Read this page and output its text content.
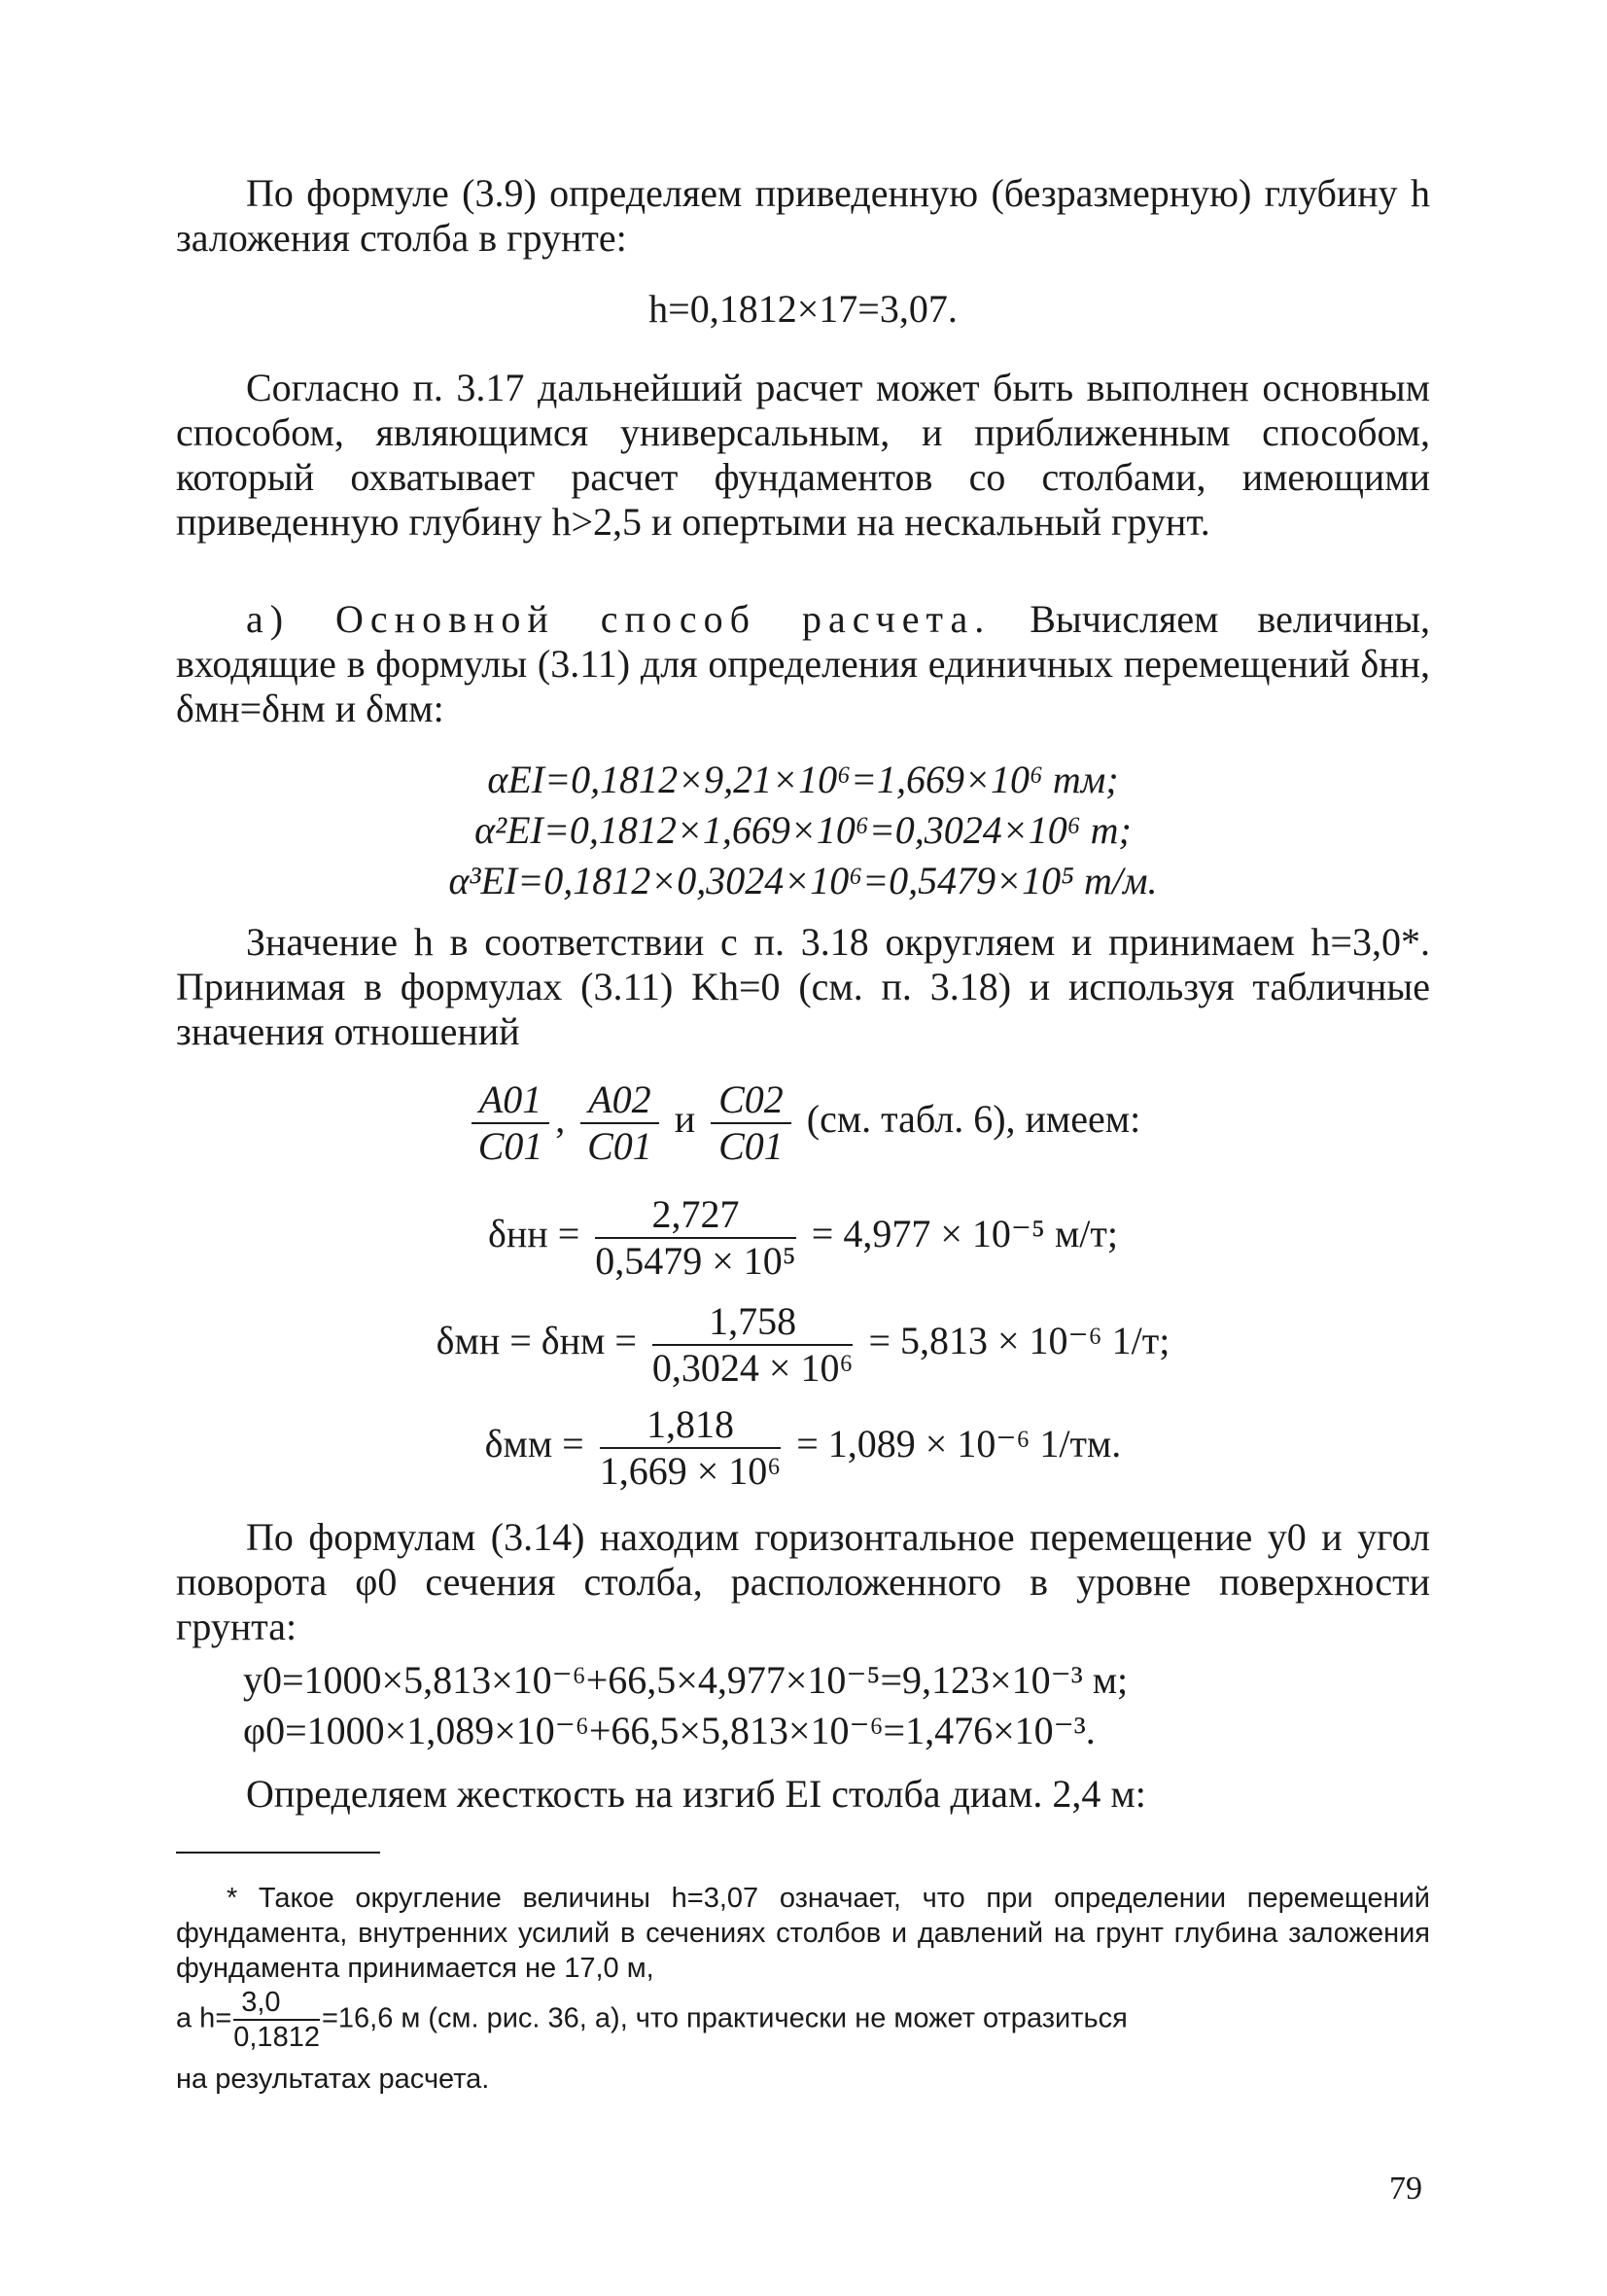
По формуле (3.9) определяем приведенную (безразмерную) глубину h заложения столба в грунте:

h=0,1812×17=3,07.

Согласно п. 3.17 дальнейший расчет может быть выполнен основным способом, являющимся универсальным, и приближенным способом, который охватывает расчет фундаментов со столбами, имеющими приведенную глубину h>2,5 и опертыми на нескальный грунт.

а) Основной способ расчета. Вычисляем величины, входящие в формулы (3.11) для определения единичных перемещений δнн, δмн=δнм и δмм:

αEI=0,1812×9,21×10⁶=1,669×10⁶ тм;

α²EI=0,1812×1,669×10⁶=0,3024×10⁶ т;

α³EI=0,1812×0,3024×10⁶=0,5479×10⁵ т/м.

Значение h в соответствии с п. 3.18 округляем и принимаем h=3,0*. Принимая в формулах (3.11) Kh=0 (см. п. 3.18) и используя табличные значения отношений

$\frac{A01}{C01}$ , $\frac{A02}{C01}$ и $\frac{C02}{C01} (см$. табл. 6), имеем:
$\delta нн = \frac{2,727}{\text{0,5479 × 10⁵}} = 4,977 \times 10^{-5}$ м/т;
$\delta мн = \delta нм = \frac{1,758}{\text{0,3024 × 10⁶}} = 5,813 \times 10^{-6}$ 1/т;
$\delta мм = \frac{1,818}{\text{1,669 × 10⁶}} = 1,089 \times 10^{-6}$ 1/тм.

По формулам (3.14) находим горизонтальное перемещение y0 и угол поворота φ0 сечения столба, расположенного в уровне поверхности грунта:

y0=1000×5,813×10⁻⁶+66,5×4,977×10⁻⁵=9,123×10⁻³ м;

φ0=1000×1,089×10⁻⁶+66,5×5,813×10⁻⁶=1,476×10⁻³.

Определяем жесткость на изгиб EI столба диам. 2,4 м:

* Такое округление величины h=3,07 означает, что при определении перемещений фундамента, внутренних усилий в сечениях столбов и давлений на грунт глубина заложения фундамента принимается не 17,0 м,

а $h= \frac{3,0}{0,1812} =16,6$ м (см. рис. 36, а), что практически не может отразиться

на результатах расчета.

79
